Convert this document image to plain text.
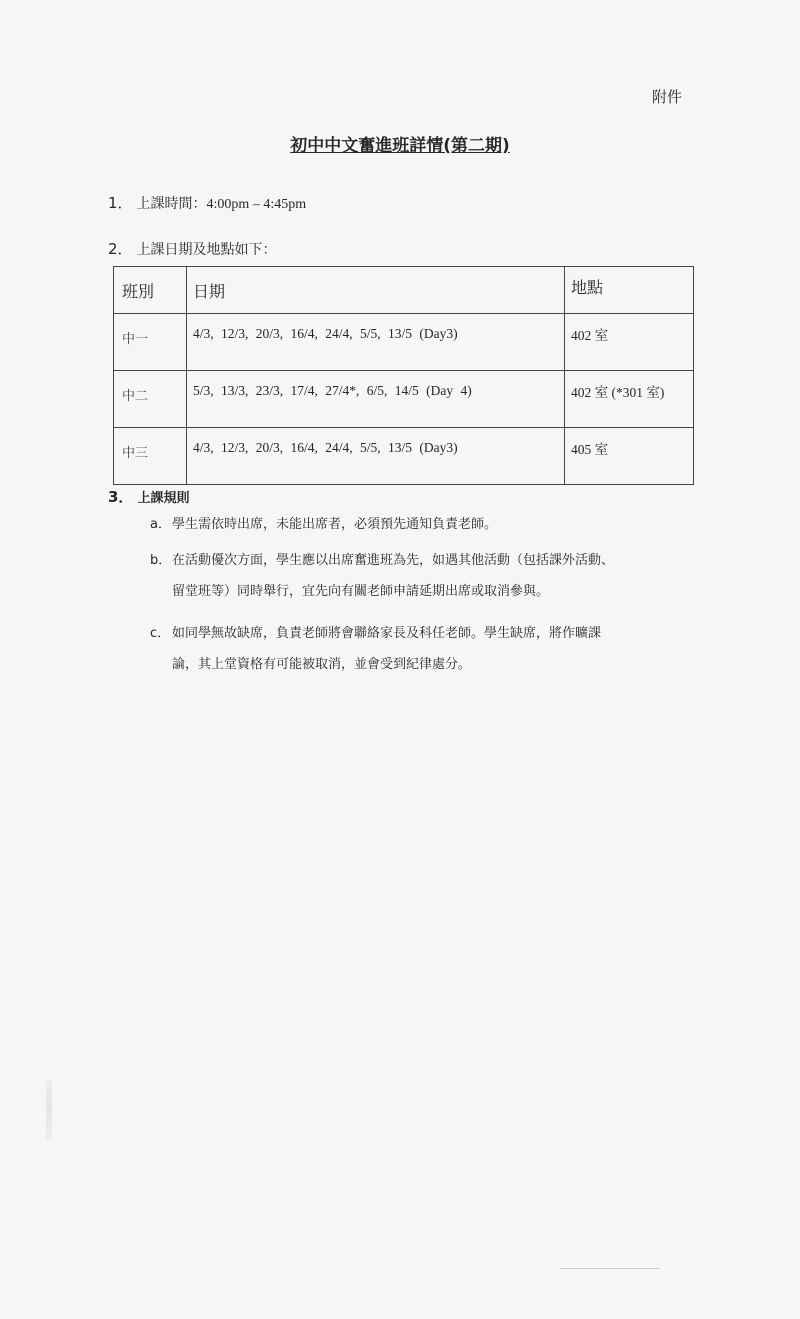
附件
初中中文奮進班詳情(第二期)
1． 上課時間：4:00pm – 4:45pm
2． 上課日期及地點如下：
班別	日期	地點
中一	4/3, 12/3, 20/3, 16/4, 24/4, 5/5, 13/5 (Day3)	402 室
中二	5/3, 13/3, 23/3, 17/4, 27/4*, 6/5, 14/5 (Day 4)	402 室 (*301 室)
中三	4/3, 12/3, 20/3, 16/4, 24/4, 5/5, 13/5 (Day3)	405 室
3． 上課規則
a．學生需依時出席，未能出席者，必須預先通知負責老師。
b．在活動優次方面，學生應以出席奮進班為先，如遇其他活動（包括課外活動、
留堂班等）同時舉行，宜先向有關老師申請延期出席或取消參與。
c． 如同學無故缺席，負責老師將會聯絡家長及科任老師。學生缺席，將作曠課
論，其上堂資格有可能被取消，並會受到紀律處分。
